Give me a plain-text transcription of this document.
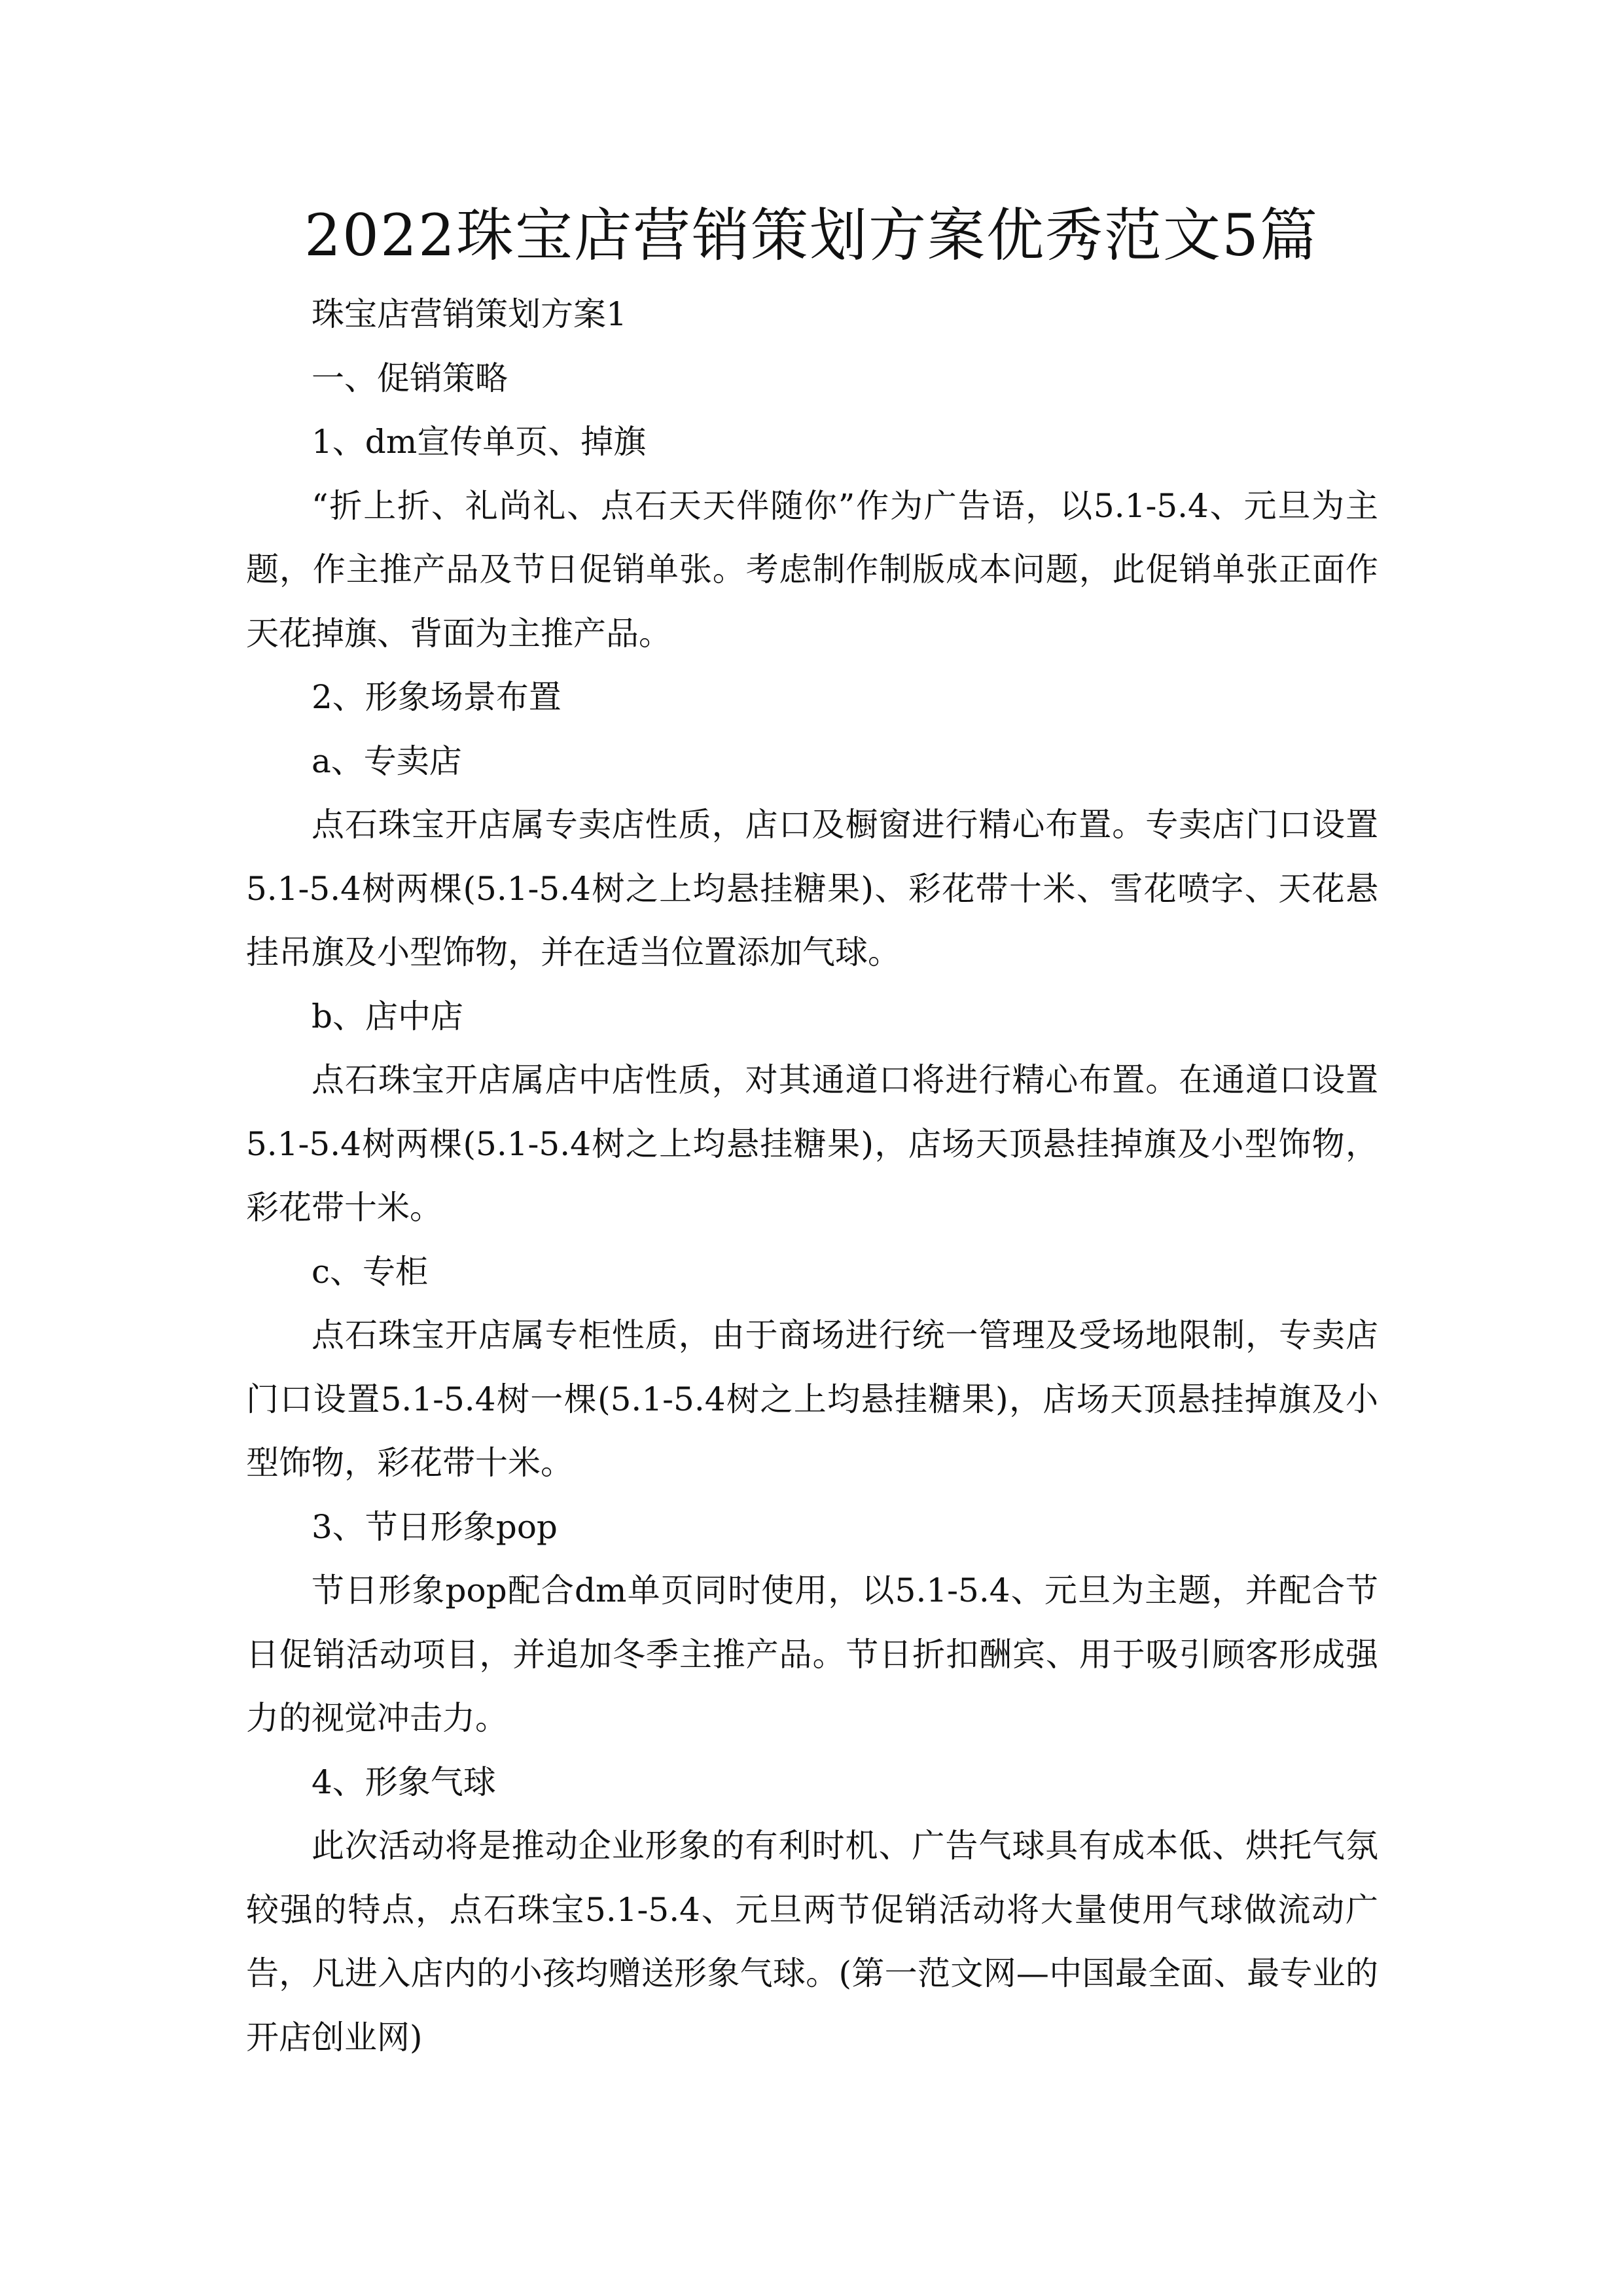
2022珠宝店营销策划方案优秀范文5篇

珠宝店营销策划方案1

一、促销策略

1、dm宣传单页、掉旗

“折上折、礼尚礼、点石天天伴随你”作为广告语，以5.1-5.4、元旦为主题，作主推产品及节日促销单张。考虑制作制版成本问题，此促销单张正面作天花掉旗、背面为主推产品。

2、形象场景布置

a、专卖店

点石珠宝开店属专卖店性质，店口及橱窗进行精心布置。专卖店门口设置5.1-5.4树两棵(5.1-5.4树之上均悬挂糖果)、彩花带十米、雪花喷字、天花悬挂吊旗及小型饰物，并在适当位置添加气球。

b、店中店

点石珠宝开店属店中店性质，对其通道口将进行精心布置。在通道口设置5.1-5.4树两棵(5.1-5.4树之上均悬挂糖果)，店场天顶悬挂掉旗及小型饰物，彩花带十米。

c、专柜

点石珠宝开店属专柜性质，由于商场进行统一管理及受场地限制，专卖店门口设置5.1-5.4树一棵(5.1-5.4树之上均悬挂糖果)，店场天顶悬挂掉旗及小型饰物，彩花带十米。

3、节日形象pop

节日形象pop配合dm单页同时使用，以5.1-5.4、元旦为主题，并配合节日促销活动项目，并追加冬季主推产品。节日折扣酬宾、用于吸引顾客形成强力的视觉冲击力。

4、形象气球

此次活动将是推动企业形象的有利时机、广告气球具有成本低、烘托气氛较强的特点，点石珠宝5.1-5.4、元旦两节促销活动将大量使用气球做流动广告，凡进入店内的小孩均赠送形象气球。(第一范文网—中国最全面、最专业的开店创业网)
